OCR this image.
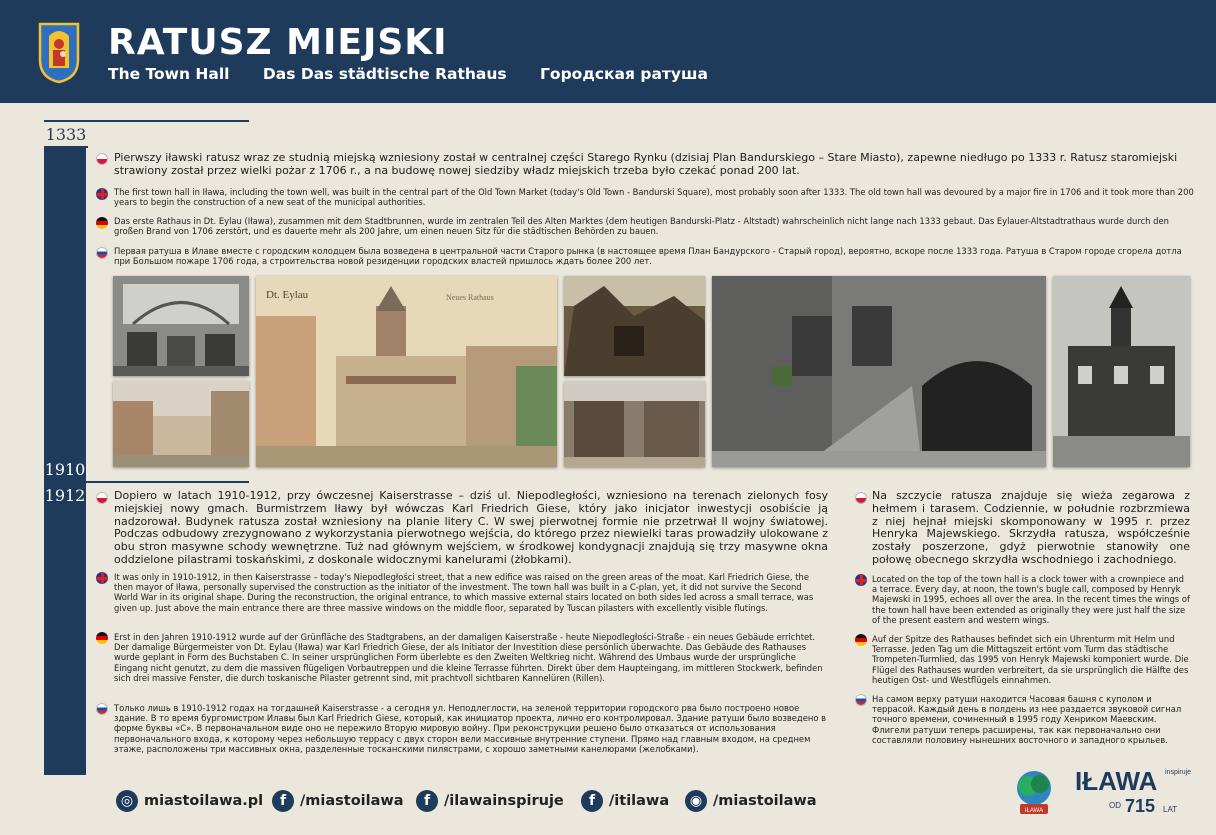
RATUSZ MIEJSKI
The Town Hall Das Das städtische Rathaus Городская ратуша
1333
1910
1912
Pierwszy iławski ratusz wraz ze studnią miejską wzniesiony został w centralnej części Starego Rynku (dzisiaj Plan Bandurskiego – Stare Miasto), zapewne niedługo po 1333 r. Ratusz staromiejski strawiony został przez wielki pożar z 1706 r., a na budowę nowej siedziby władz miejskich trzeba było czekać ponad 200 lat.
The first town hall in Iława, including the town well, was built in the central part of the Old Town Market (today's Old Town - Bandurski Square), most probably soon after 1333. The old town hall was devoured by a major fire in 1706 and it took more than 200 years to begin the construction of a new seat of the municipal authorities.
Das erste Rathaus in Dt. Eylau (Iława), zusammen mit dem Stadtbrunnen, wurde im zentralen Teil des Alten Marktes (dem heutigen Bandurski-Platz - Altstadt) wahrscheinlich nicht lange nach 1333 gebaut. Das Eylauer-Altstadtrathaus wurde durch den großen Brand von 1706 zerstört, und es dauerte mehr als 200 Jahre, um einen neuen Sitz für die städtischen Behörden zu bauen.
Первая ратуша в Илаве вместе с городским колодцем была возведена в центральной части Старого рынка (в настоящее время План Бандурского - Старый город), вероятно, вскоре после 1333 года. Ратуша в Старом городе сгорела дотла при Большом пожаре 1706 года, а строительства новой резиденции городских властей пришлось ждать более 200 лет.
Dt. Eylau	Neues Rathaus
Dopiero w latach 1910-1912, przy ówczesnej Kaiserstrasse – dziś ul. Niepodległości, wzniesiono na terenach zielonych fosy miejskiej nowy gmach. Burmistrzem Iławy był wówczas Karl Friedrich Giese, który jako inicjator inwestycji osobiście ją nadzorował. Budynek ratusza został wzniesiony na planie litery C. W swej pierwotnej formie nie przetrwał II wojny światowej. Podczas odbudowy zrezygnowano z wykorzystania pierwotnego wejścia, do którego przez niewielki taras prowadziły ulokowane z obu stron masywne schody wewnętrzne. Tuż nad głównym wejściem, w środkowej kondygnacji znajdują się trzy masywne okna oddzielone pilastrami toskańskimi, z doskonale widocznymi kanelurami (żłobkami).
It was only in 1910-1912, in then Kaiserstrasse – today's Niepodległości street, that a new edifice was raised on the green areas of the moat. Karl Friedrich Giese, the then mayor of Iława, personally supervised the construction as the initiator of the investment. The town hall was built in a C-plan, yet, it did not survive the Second World War in its original shape. During the reconstruction, the original entrance, to which massive external stairs located on both sides led across a small terrace, was given up. Just above the main entrance there are three massive windows on the middle floor, separated by Tuscan pilasters with excellently visible flutings.
Erst in den Jahren 1910-1912 wurde auf der Grünfläche des Stadtgrabens, an der damaligen Kaiserstraße - heute Niepodległości-Straße - ein neues Gebäude errichtet. Der damalige Bürgermeister von Dt. Eylau (Iława) war Karl Friedrich Giese, der als Initiator der Investition diese persönlich überwachte. Das Gebäude des Rathauses wurde geplant in Form des Buchstaben C. In seiner ursprünglichen Form überlebte es den Zweiten Weltkrieg nicht. Während des Umbaus wurde der ursprüngliche Eingang nicht genutzt, zu dem die massiven flügeligen Vorbautreppen und die kleine Terrasse führten. Direkt über dem Haupteingang, im mittleren Stockwerk, befinden sich drei massive Fenster, die durch toskanische Pilaster getrennt sind, mit prachtvoll sichtbaren Kannelüren (Rillen).
Только лишь в 1910-1912 годах на тогдашней Kaiserstrasse - а сегодня ул. Неподлеглости, на зеленой территории городского рва было построено новое здание. В то время бургомистром Илавы был Karl Friedrich Giese, который, как инициатор проекта, лично его контролировал. Здание ратуши было возведено в форме буквы «С». В первоначальном виде оно не пережило Вторую мировую войну. При реконструкции решено было отказаться от использования первоначального входа, к которому через небольшую террасу с двух сторон вели массивные внутренние ступени. Прямо над главным входом, на среднем этаже, расположены три массивных окна, разделенные тосканскими пилястрами, с хорошо заметными канелюрами (желобками).
Na szczycie ratusza znajduje się wieża zegarowa z hełmem i tarasem. Codziennie, w południe rozbrzmiewa z niej hejnał miejski skomponowany w 1995 r. przez Henryka Majewskiego. Skrzydła ratusza, współcześnie zostały poszerzone, gdyż pierwotnie stanowiły one połowę obecnego skrzydła wschodniego i zachodniego.
Located on the top of the town hall is a clock tower with a crownpiece and a terrace. Every day, at noon, the town's bugle call, composed by Henryk Majewski in 1995, echoes all over the area. In the recent times the wings of the town hall have been extended as originally they were just half the size of the present eastern and western wings.
Auf der Spitze des Rathauses befindet sich ein Uhrenturm mit Helm und Terrasse. Jeden Tag um die Mittagszeit ertönt vom Turm das städtische Trompeten-Turmlied, das 1995 von Henryk Majewski komponiert wurde. Die Flügel des Rathauses wurden verbreitert, da sie ursprünglich die Hälfte des heutigen Ost- und Westflügels einnahmen.
На самом верху ратуши находится Часовая башня с куполом и террасой. Каждый день в полдень из нее раздается звуковой сигнал точного времени, сочиненный в 1995 году Хенриком Маевским. Флигели ратуши теперь расширены, так как первоначально они составляли половину нынешних восточного и западного крыльев.
◎ miastoilawa.pl	f /miastoilawa	f /ilawainspiruje	f /itilawa	◉ /miastoilawa
IŁAWA
IŁAWA inspiruje
OD 715 LAT
